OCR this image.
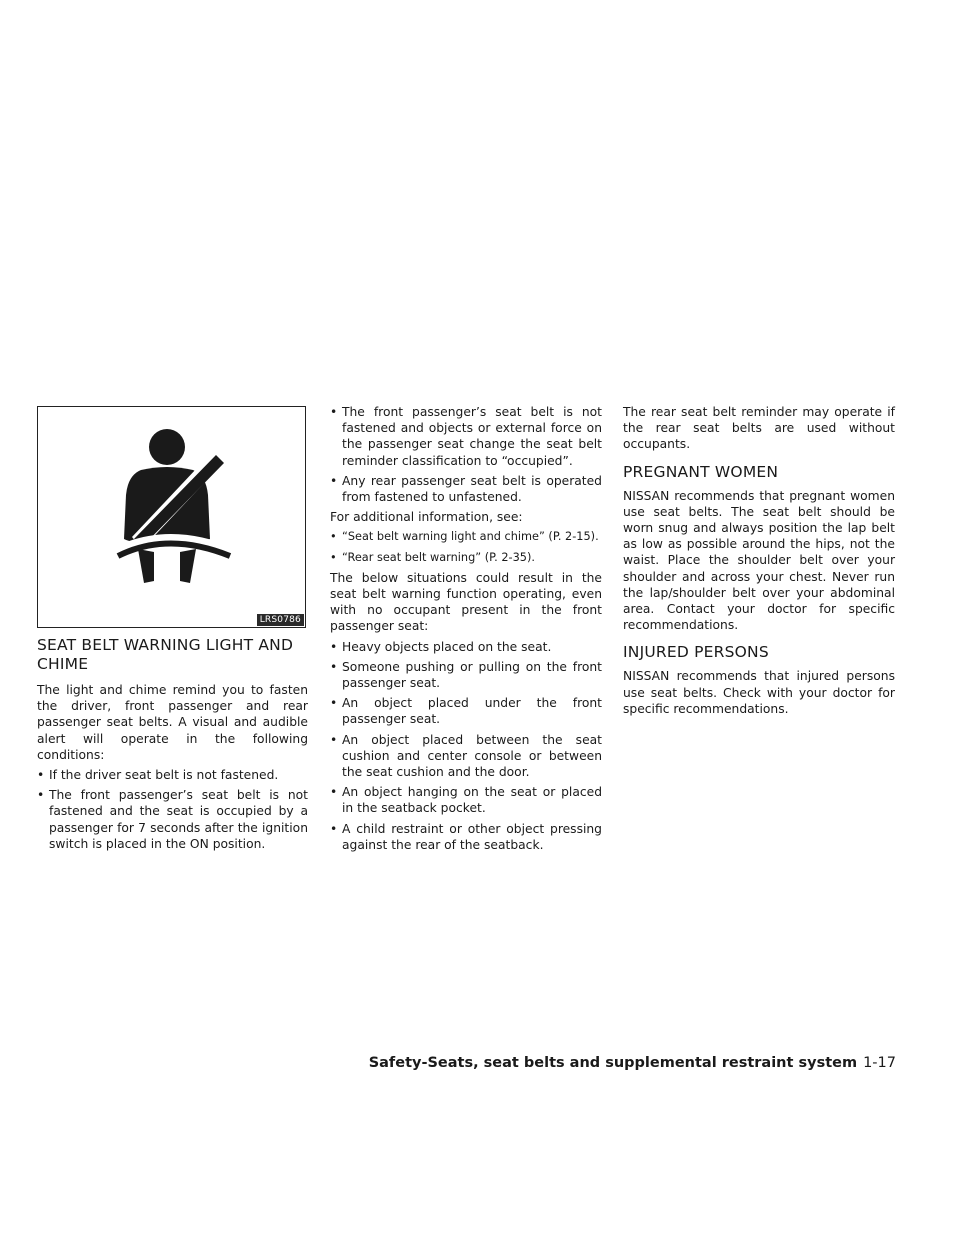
LRS0786
SEAT BELT WARNING LIGHT AND CHIME

The light and chime remind you to fasten the driver, front passenger and rear passenger seat belts. A visual and audible alert will operate in the following conditions:

• If the driver seat belt is not fastened.
• The front passenger’s seat belt is not fastened and the seat is occupied by a passenger for 7 seconds after the ignition switch is placed in the ON position.
• The front passenger’s seat belt is not fastened and objects or external force on the passenger seat change the seat belt reminder classification to “occupied”.
• Any rear passenger seat belt is operated from fastened to unfastened.

For additional information, see:

• “Seat belt warning light and chime” (P. 2-15).
• “Rear seat belt warning” (P. 2-35).

The below situations could result in the seat belt warning function operating, even with no occupant present in the front passenger seat:

• Heavy objects placed on the seat.
• Someone pushing or pulling on the front passenger seat.
• An object placed under the front passenger seat.
• An object placed between the seat cushion and center console or between the seat cushion and the door.
• An object hanging on the seat or placed in the seatback pocket.
• A child restraint or other object pressing against the rear of the seatback.

The rear seat belt reminder may operate if the rear seat belts are used without occupants.

PREGNANT WOMEN

NISSAN recommends that pregnant women use seat belts. The seat belt should be worn snug and always position the lap belt as low as possible around the hips, not the waist. Place the shoulder belt over your shoulder and across your chest. Never run the lap/shoulder belt over your abdominal area. Contact your doctor for specific recommendations.

INJURED PERSONS

NISSAN recommends that injured persons use seat belts. Check with your doctor for specific recommendations.

Safety-Seats, seat belts and supplemental restraint system 1-17
